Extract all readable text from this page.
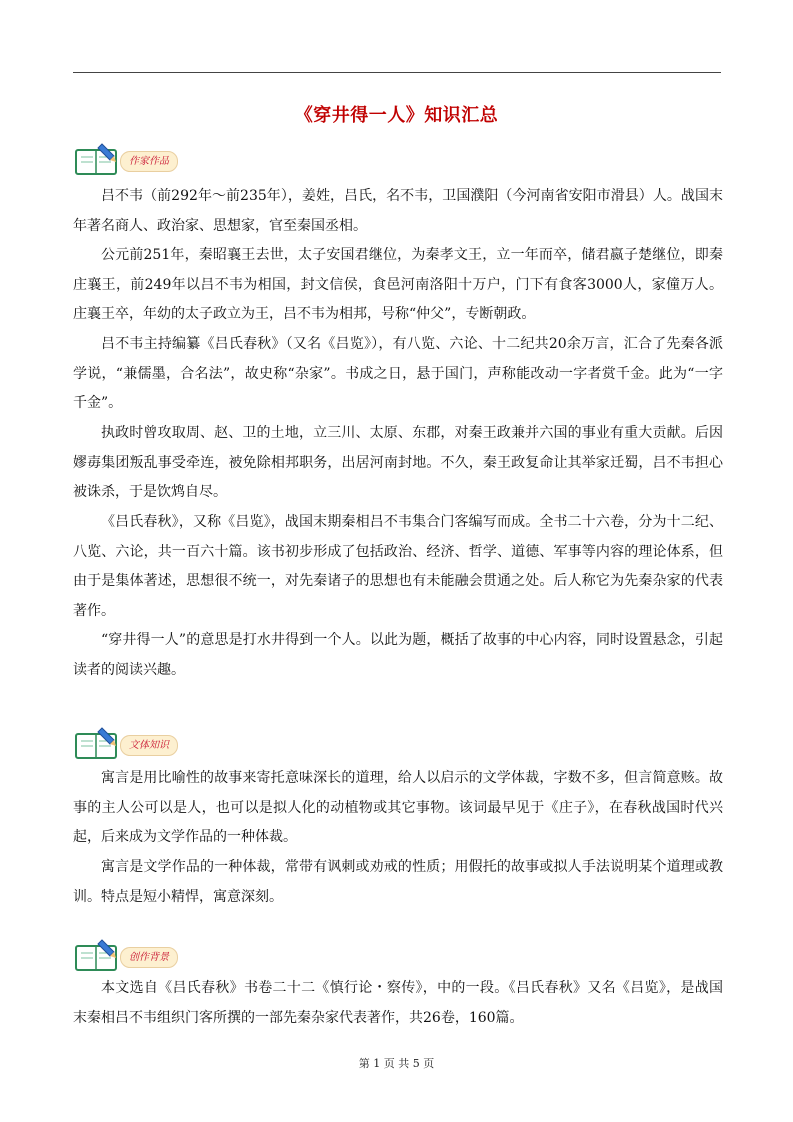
《穿井得一人》知识汇总
作家作品

吕不韦（前292年～前235年），姜姓，吕氏，名不韦，卫国濮阳（今河南省安阳市滑县）人。战国末年著名商人、政治家、思想家，官至秦国丞相。

公元前251年，秦昭襄王去世，太子安国君继位，为秦孝文王，立一年而卒，储君嬴子楚继位，即秦庄襄王，前249年以吕不韦为相国，封文信侯，食邑河南洛阳十万户，门下有食客3000人，家僮万人。庄襄王卒，年幼的太子政立为王，吕不韦为相邦，号称“仲父”，专断朝政。

吕不韦主持编纂《吕氏春秋》（又名《吕览》），有八览、六论、十二纪共20余万言，汇合了先秦各派学说，“兼儒墨，合名法”，故史称“杂家”。书成之日，悬于国门，声称能改动一字者赏千金。此为“一字千金”。

执政时曾攻取周、赵、卫的土地，立三川、太原、东郡，对秦王政兼并六国的事业有重大贡献。后因嫪毐集团叛乱事受牵连，被免除相邦职务，出居河南封地。不久，秦王政复命让其举家迁蜀，吕不韦担心被诛杀，于是饮鸩自尽。

《吕氏春秋》，又称《吕览》，战国末期秦相吕不韦集合门客编写而成。全书二十六卷，分为十二纪、八览、六论，共一百六十篇。该书初步形成了包括政治、经济、哲学、道德、军事等内容的理论体系，但由于是集体著述，思想很不统一，对先秦诸子的思想也有未能融会贯通之处。后人称它为先秦杂家的代表著作。

“穿井得一人”的意思是打水井得到一个人。以此为题，概括了故事的中心内容，同时设置悬念，引起读者的阅读兴趣。

文体知识

寓言是用比喻性的故事来寄托意味深长的道理，给人以启示的文学体裁，字数不多，但言简意赅。故事的主人公可以是人，也可以是拟人化的动植物或其它事物。该词最早见于《庄子》，在春秋战国时代兴起，后来成为文学作品的一种体裁。

寓言是文学作品的一种体裁，常带有讽刺或劝戒的性质；用假托的故事或拟人手法说明某个道理或教训。特点是短小精悍，寓意深刻。

创作背景

本文选自《吕氏春秋》书卷二十二《慎行论・察传》，中的一段。《吕氏春秋》又名《吕览》，是战国末秦相吕不韦组织门客所撰的一部先秦杂家代表著作，共26卷，160篇。

第 1 页 共 5 页
